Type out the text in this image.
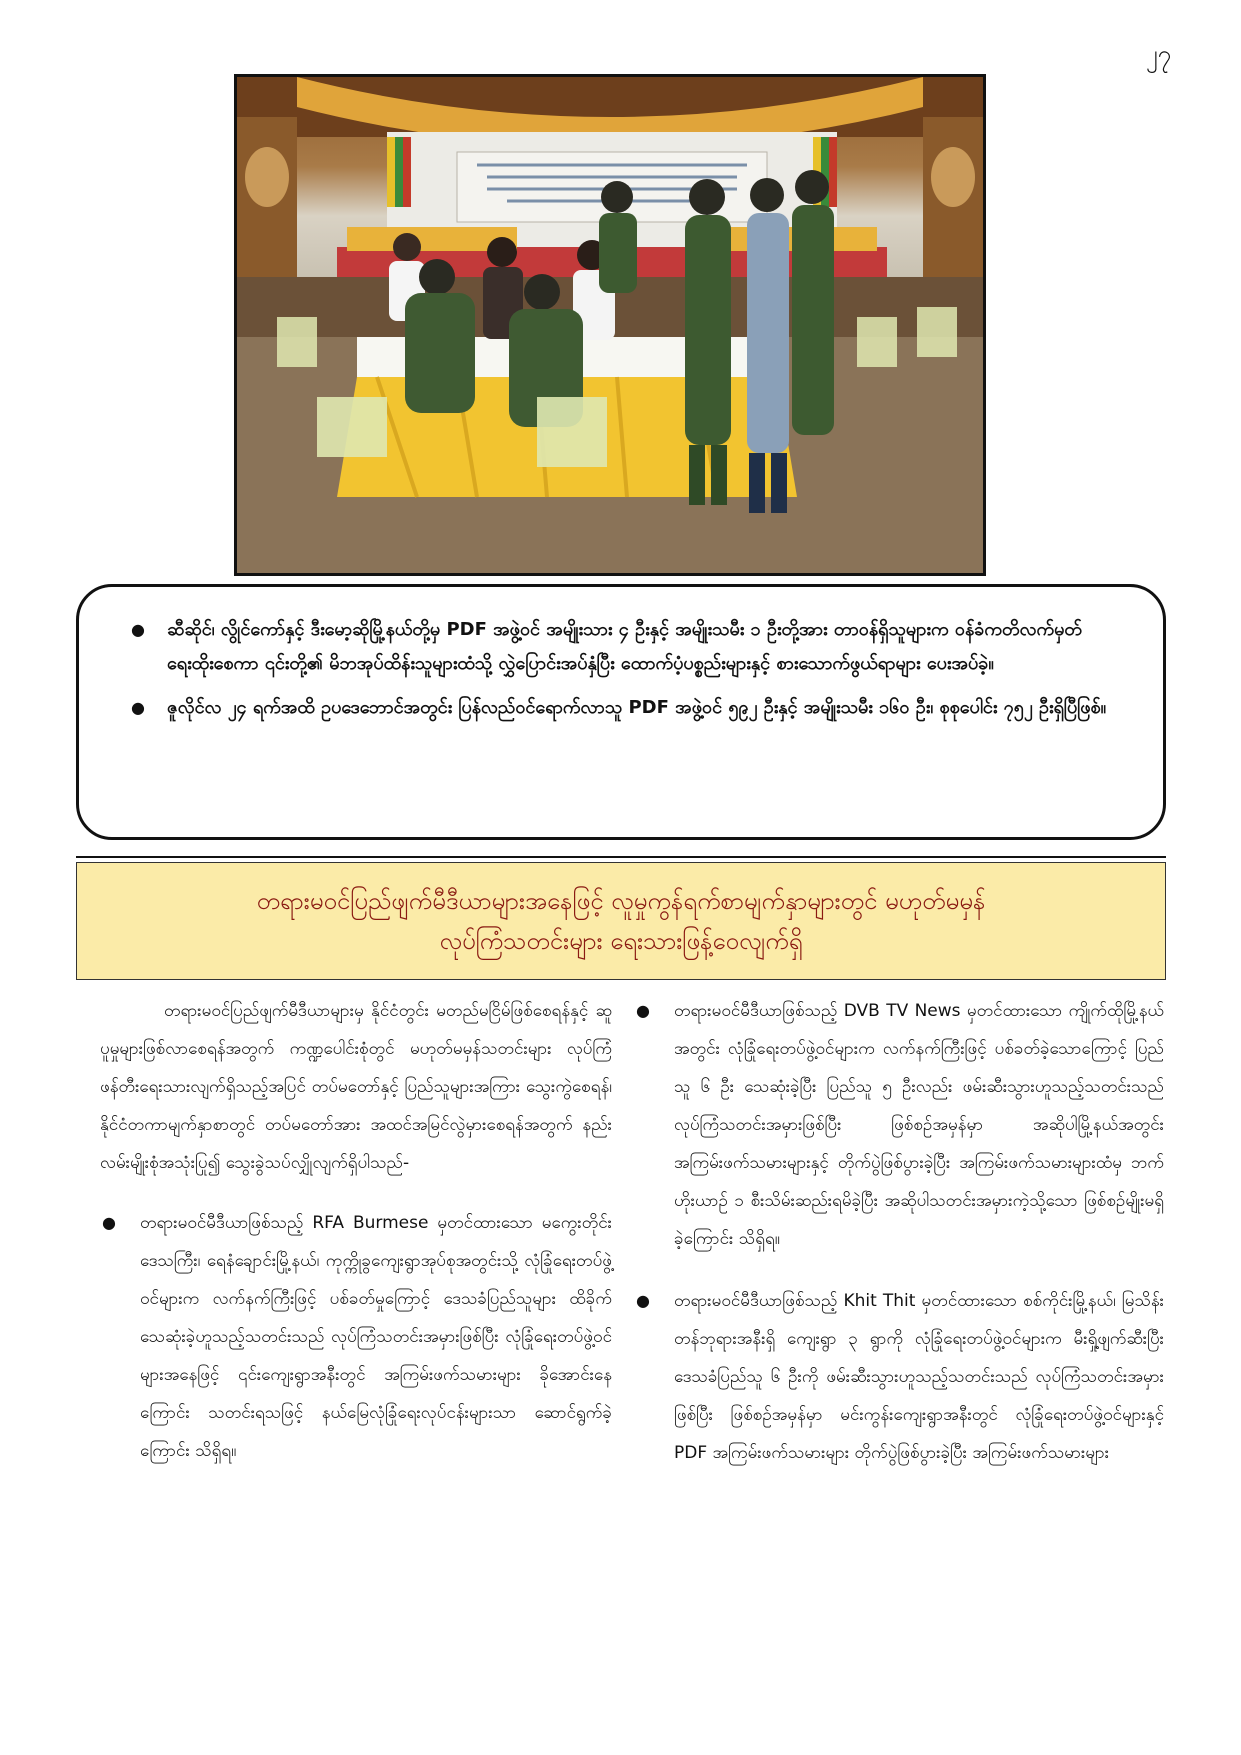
၂၇
● ဆီဆိုင်၊ လွိုင်ကော်နှင့် ဒီးမော့ဆိုမြို့နယ်တို့မှ PDF အဖွဲ့ဝင် အမျိုးသား ၄ ဦးနှင့် အမျိုးသမီး ၁ ဦးတို့အား တာဝန်ရှိသူများက ဝန်ခံကတိလက်မှတ်ရေးထိုးစေကာ ၎င်းတို့၏ မိဘအုပ်ထိန်းသူများထံသို့ လွှဲပြောင်းအပ်နှံပြီး ထောက်ပံ့ပစ္စည်းများနှင့် စားသောက်ဖွယ်ရာများ ပေးအပ်ခဲ့။
● ဇူလိုင်လ ၂၄ ရက်အထိ ဥပဒေဘောင်အတွင်း ပြန်လည်ဝင်ရောက်လာသူ PDF အဖွဲ့ဝင် ၅၉၂ ဦးနှင့် အမျိုးသမီး ၁၆၀ ဦး၊ စုစုပေါင်း ၇၅၂ ဦးရှိပြီဖြစ်။
တရားမဝင်ပြည်ဖျက်မီဒီယာများအနေဖြင့် လူမှုကွန်ရက်စာမျက်နှာများတွင် မဟုတ်မမှန်
လုပ်ကြံသတင်းများ ရေးသားဖြန့်ဝေလျက်ရှိ

တရားမဝင်ပြည်ဖျက်မီဒီယာများမှ နိုင်ငံတွင်း မတည်မငြိမ်ဖြစ်စေရန်နှင့် ဆူပူမှုများဖြစ်လာစေရန်အတွက် ကဏ္ဍပေါင်းစုံတွင် မဟုတ်မမှန်သတင်းများ လုပ်ကြံဖန်တီးရေးသားလျက်ရှိသည့်အပြင် တပ်မတော်နှင့် ပြည်သူများအကြား သွေးကွဲစေရန်၊ နိုင်ငံတကာမျက်နှာစာတွင် တပ်မတော်အား အထင်အမြင်လွဲမှားစေရန်အတွက် နည်းလမ်းမျိုးစုံအသုံးပြု၍ သွေးခွဲသပ်လျှိုလျက်ရှိပါသည်-

● တရားမဝင်မီဒီယာဖြစ်သည့် RFA Burmese မှတင်ထားသော မကွေးတိုင်းဒေသကြီး၊ ရေနံချောင်းမြို့နယ်၊ ကုက္ကိုခွကျေးရွာအုပ်စုအတွင်းသို့ လုံခြုံရေးတပ်ဖွဲ့ဝင်များက လက်နက်ကြီးဖြင့် ပစ်ခတ်မှုကြောင့် ဒေသခံပြည်သူများ ထိခိုက်သေဆုံးခဲ့ဟူသည့်သတင်းသည် လုပ်ကြံသတင်းအမှားဖြစ်ပြီး လုံခြုံရေးတပ်ဖွဲ့ဝင်များအနေဖြင့် ၎င်းကျေးရွာအနီးတွင် အကြမ်းဖက်သမားများ ခိုအောင်းနေကြောင်း သတင်းရသဖြင့် နယ်မြေလုံခြုံရေးလုပ်ငန်းများသာ ဆောင်ရွက်ခဲ့ကြောင်း သိရှိရ။
● တရားမဝင်မီဒီယာဖြစ်သည့် DVB TV News မှတင်ထားသော ကျိုက်ထိုမြို့နယ်အတွင်း လုံခြုံရေးတပ်ဖွဲ့ဝင်များက လက်နက်ကြီးဖြင့် ပစ်ခတ်ခဲ့သောကြောင့် ပြည်သူ ၆ ဦး သေဆုံးခဲ့ပြီး ပြည်သူ ၅ ဦးလည်း ဖမ်းဆီးသွားဟူသည့်သတင်းသည် လုပ်ကြံသတင်းအမှားဖြစ်ပြီး ဖြစ်စဉ်အမှန်မှာ အဆိုပါမြို့နယ်အတွင်း အကြမ်းဖက်သမားများနှင့် တိုက်ပွဲဖြစ်ပွားခဲ့ပြီး အကြမ်းဖက်သမားများထံမှ ဘက်ဟိုးယာဉ် ၁ စီးသိမ်းဆည်းရမိခဲ့ပြီး အဆိုပါသတင်းအမှားကဲ့သို့သော ဖြစ်စဉ်မျိုးမရှိခဲ့ကြောင်း သိရှိရ။
● တရားမဝင်မီဒီယာဖြစ်သည့် Khit Thit မှတင်ထားသော စစ်ကိုင်းမြို့နယ်၊ မြသိန်းတန်ဘုရားအနီးရှိ ကျေးရွာ ၃ ရွာကို လုံခြုံရေးတပ်ဖွဲ့ဝင်များက မီးရှို့ဖျက်ဆီးပြီး ဒေသခံပြည်သူ ၆ ဦးကို ဖမ်းဆီးသွားဟူသည့်သတင်းသည် လုပ်ကြံသတင်းအမှားဖြစ်ပြီး ဖြစ်စဉ်အမှန်မှာ မင်းကွန်းကျေးရွာအနီးတွင် လုံခြုံရေးတပ်ဖွဲ့ဝင်များနှင့် PDF အကြမ်းဖက်သမားများ တိုက်ပွဲဖြစ်ပွားခဲ့ပြီး အကြမ်းဖက်သမားများ
